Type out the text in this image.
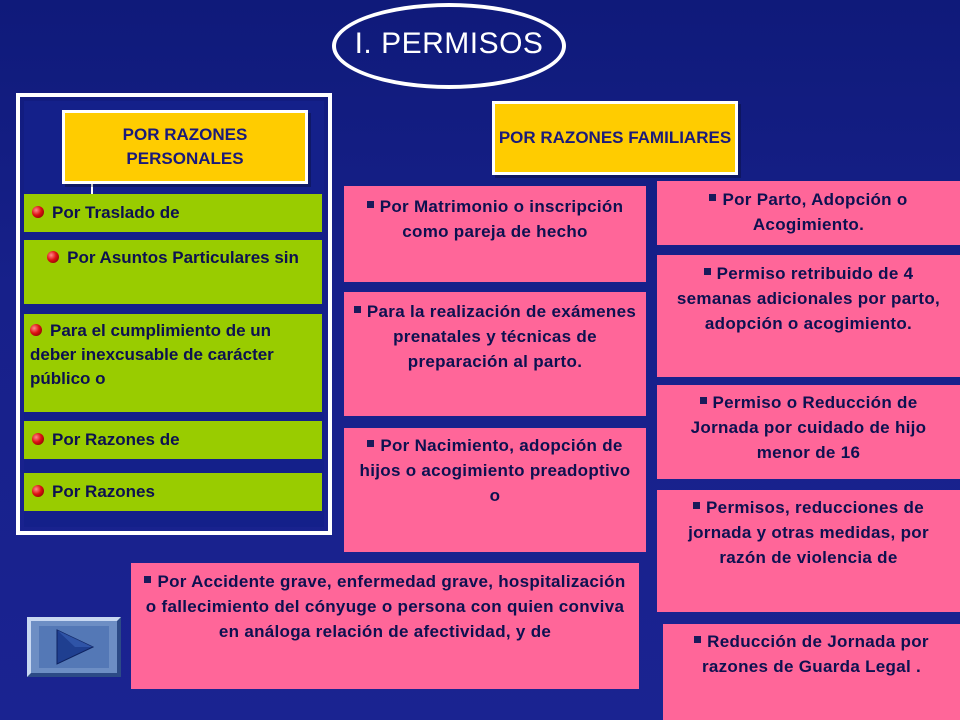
I. PERMISOS
POR RAZONES PERSONALES
Por Traslado de
Por Asuntos Particulares sin
Para el cumplimiento de un deber inexcusable de carácter público o
Por Razones de
Por Razones
POR RAZONES FAMILIARES
Por Matrimonio o inscripción como pareja de hecho
Para la realización de exámenes prenatales y técnicas de preparación al parto.
Por Nacimiento, adopción de hijos o acogimiento preadoptivo o
Por Parto, Adopción o Acogimiento.
Permiso retribuido de 4 semanas adicionales por parto, adopción o acogimiento.
Permiso o Reducción de Jornada por cuidado de hijo menor de 16
Permisos, reducciones de jornada y otras medidas, por razón de violencia de
Reducción de Jornada por razones de Guarda Legal .
Por Accidente grave, enfermedad grave, hospitalización o fallecimiento del cónyuge o persona con quien conviva en análoga relación de afectividad, y de
